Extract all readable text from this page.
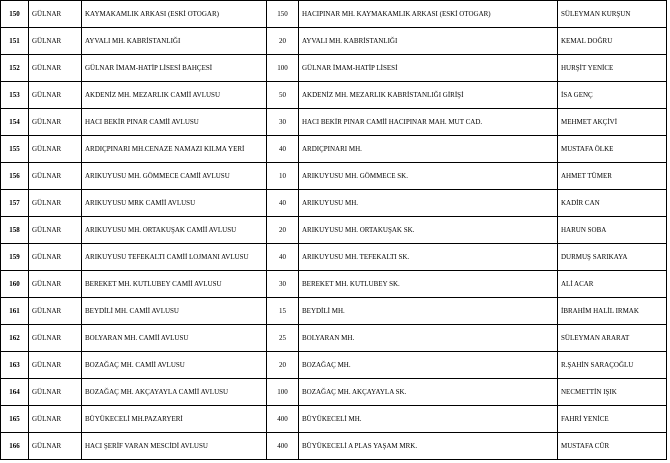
150	GÜLNAR	KAYMAKAMLIK ARKASI (ESKİ OTOGAR)	150	HACIPINAR MH. KAYMAKAMLIK ARKASI (ESKİ OTOGAR)	SÜLEYMAN KURŞUN
151	GÜLNAR	AYVALI MH. KABRİSTANLIĞI	20	AYVALI MH. KABRİSTANLIĞI	KEMAL DOĞRU
152	GÜLNAR	GÜLNAR İMAM-HATİP LİSESİ BAHÇESİ	100	GÜLNAR İMAM-HATİP LİSESİ	HURŞİT YENİCE
153	GÜLNAR	AKDENİZ MH. MEZARLIK CAMİİ AVLUSU	50	AKDENİZ MH. MEZARLIK KABRİSTANLIĞI GİRİŞİ	İSA GENÇ
154	GÜLNAR	HACI BEKİR PINAR CAMİİ AVLUSU	30	HACI BEKİR PINAR CAMİİ HACIPINAR MAH. MUT CAD.	MEHMET AKÇİVİ
155	GÜLNAR	ARDIÇPINARI MH.CENAZE NAMAZI KILMA YERİ	40	ARDIÇPINARI MH.	MUSTAFA ÖLKE
156	GÜLNAR	ARIKUYUSU MH. GÖMMECE CAMİİ AVLUSU	10	ARIKUYUSU MH. GÖMMECE SK.	AHMET TÜMER
157	GÜLNAR	ARIKUYUSU MRK CAMİİ AVLUSU	40	ARIKUYUSU MH.	KADİR CAN
158	GÜLNAR	ARIKUYUSU MH. ORTAKUŞAK CAMİİ AVLUSU	20	ARIKUYUSU MH. ORTAKUŞAK SK.	HARUN SOBA
159	GÜLNAR	ARIKUYUSU TEFEKALTI CAMİİ LOJMANI AVLUSU	40	ARIKUYUSU MH. TEFEKALTI SK.	DURMUŞ SARIKAYA
160	GÜLNAR	BEREKET MH. KUTLUBEY CAMİİ AVLUSU	30	BEREKET MH. KUTLUBEY SK.	ALİ ACAR
161	GÜLNAR	BEYDİLİ MH. CAMİİ AVLUSU	15	BEYDİLİ MH.	İBRAHİM HALİL IRMAK
162	GÜLNAR	BOLYARAN MH. CAMİİ AVLUSU	25	BOLYARAN MH.	SÜLEYMAN ARARAT
163	GÜLNAR	BOZAĞAÇ MH. CAMİİ AVLUSU	20	BOZAĞAÇ MH.	R.ŞAHİN SARAÇOĞLU
164	GÜLNAR	BOZAĞAÇ MH. AKÇAYAYLA CAMİİ AVLUSU	100	BOZAĞAÇ MH. AKÇAYAYLA SK.	NECMETTİN IŞIK
165	GÜLNAR	BÜYÜKECELİ MH.PAZARYERİ	400	BÜYÜKECELİ MH.	FAHRİ YENİCE
166	GÜLNAR	HACI ŞERİF VARAN MESCİDİ AVLUSU	400	BÜYÜKECELİ A PLAS YAŞAM MRK.	MUSTAFA CÜR
